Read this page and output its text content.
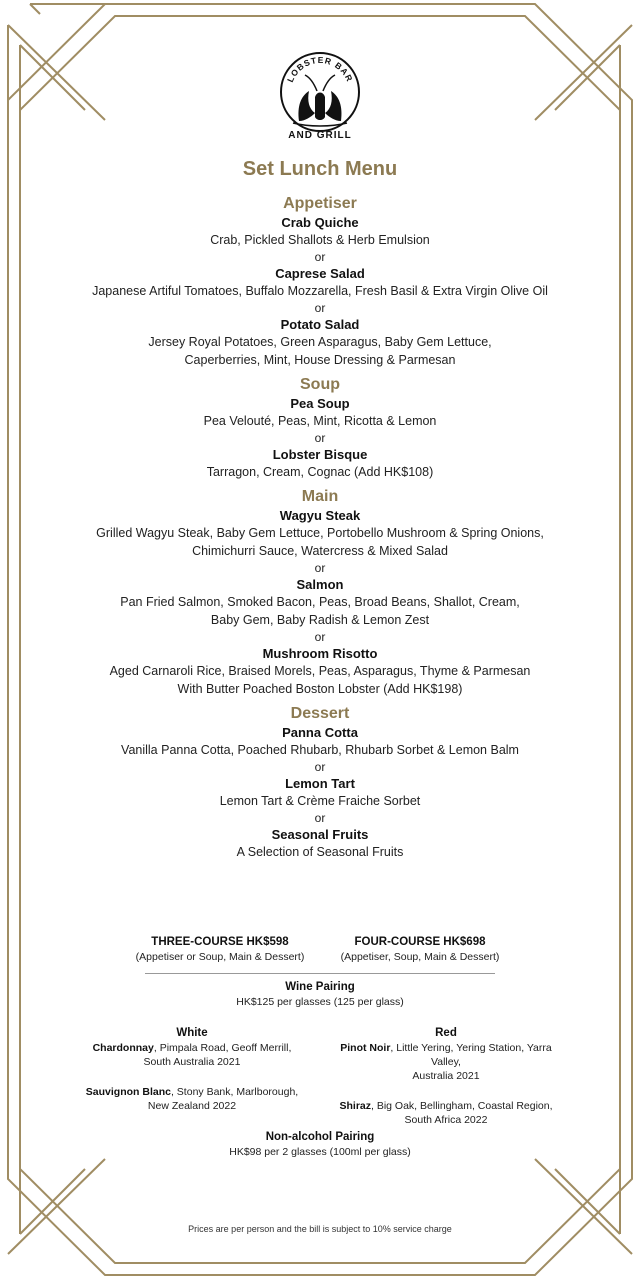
LOBSTER BAR
AND GRILL
Set Lunch Menu
Appetiser
Crab Quiche
Crab, Pickled Shallots & Herb Emulsion
or
Caprese Salad
Japanese Artiful Tomatoes, Buffalo Mozzarella, Fresh Basil & Extra Virgin Olive Oil
or
Potato Salad
Jersey Royal Potatoes, Green Asparagus, Baby Gem Lettuce,
Caperberries, Mint, House Dressing & Parmesan
Soup
Pea Soup
Pea Velouté, Peas, Mint, Ricotta & Lemon
or
Lobster Bisque
Tarragon, Cream, Cognac (Add HK$108)
Main
Wagyu Steak
Grilled Wagyu Steak, Baby Gem Lettuce, Portobello Mushroom & Spring Onions,
Chimichurri Sauce, Watercress & Mixed Salad
or
Salmon
Pan Fried Salmon, Smoked Bacon, Peas, Broad Beans, Shallot, Cream,
Baby Gem, Baby Radish & Lemon Zest
or
Mushroom Risotto
Aged Carnaroli Rice, Braised Morels, Peas, Asparagus, Thyme & Parmesan
With Butter Poached Boston Lobster (Add HK$198)
Dessert
Panna Cotta
Vanilla Panna Cotta, Poached Rhubarb, Rhubarb Sorbet & Lemon Balm
or
Lemon Tart
Lemon Tart & Crème Fraiche Sorbet
or
Seasonal Fruits
A Selection of Seasonal Fruits
THREE-COURSE HK$598
(Appetiser or Soup, Main & Dessert)
FOUR-COURSE HK$698
(Appetiser, Soup, Main & Dessert)
Wine Pairing
HK$125 per glasses (125 per glass)
White
Chardonnay, Pimpala Road, Geoff Merrill,
South Australia 2021
Sauvignon Blanc, Stony Bank, Marlborough,
New Zealand 2022
Red
Pinot Noir, Little Yering, Yering Station, Yarra Valley,
Australia 2021
Shiraz, Big Oak, Bellingham, Coastal Region,
South Africa 2022
Non-alcohol Pairing
HK$98 per 2 glasses (100ml per glass)
Prices are per person and the bill is subject to 10% service charge
